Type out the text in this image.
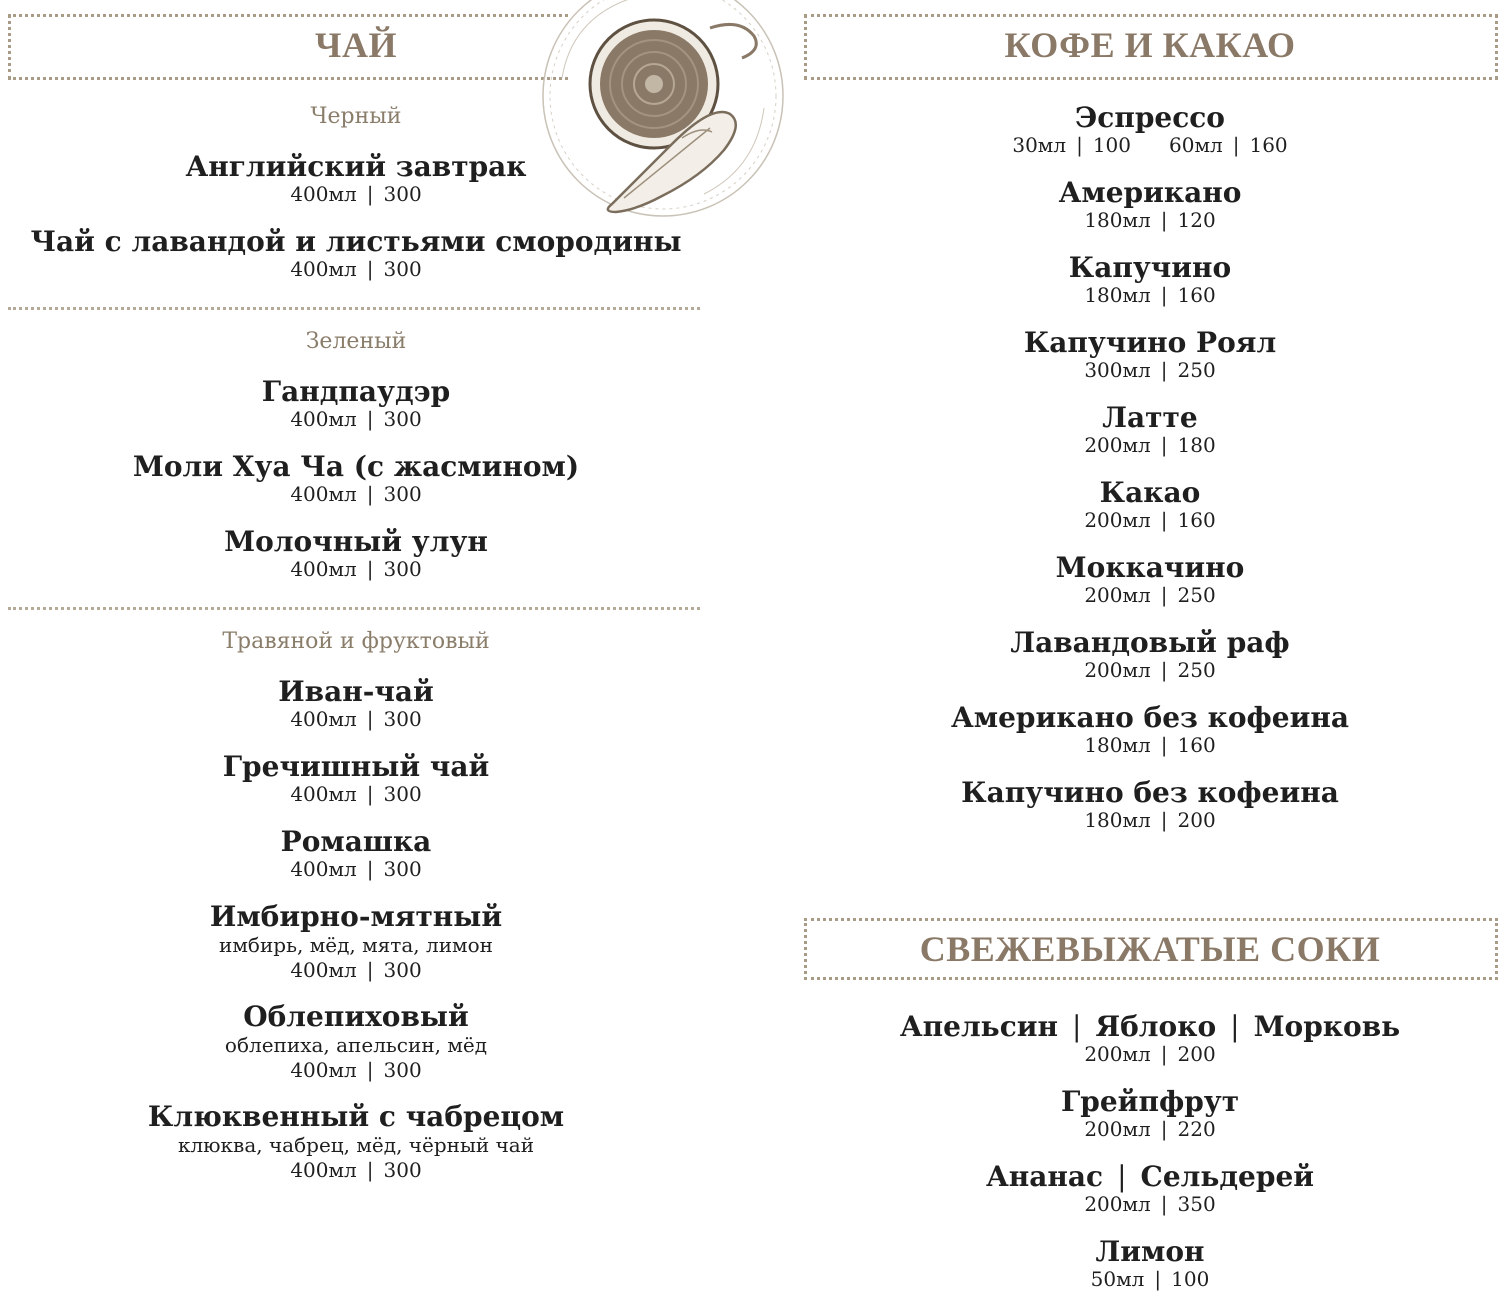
ЧАЙ
Черный
Английский завтрак
400мл | 300
Чай с лавандой и листьями смородины
400мл | 300
Зеленый
Гандпаудэр
400мл | 300
Моли Хуа Ча (с жасмином)
400мл | 300
Молочный улун
400мл | 300
Травяной и фруктовый
Иван-чай
400мл | 300
Гречишный чай
400мл | 300
Ромашка
400мл | 300
Имбирно-мятный
имбирь, мёд, мята, лимон
400мл | 300
Облепиховый
облепиха, апельсин, мёд
400мл | 300
Клюквенный с чабрецом
клюква, чабрец, мёд, чёрный чай
400мл | 300
КОФЕ И КАКАО
Эспрессо
30мл | 100 60мл | 160
Американо
180мл | 120
Капучино
180мл | 160
Капучино Роял
300мл | 250
Латте
200мл | 180
Какао
200мл | 160
Моккачино
200мл | 250
Лавандовый раф
200мл | 250
Американо без кофеина
180мл | 160
Капучино без кофеина
180мл | 200
СВЕЖЕВЫЖАТЫЕ СОКИ
Апельсин | Яблоко | Морковь
200мл | 200
Грейпфрут
200мл | 220
Ананас | Сельдерей
200мл | 350
Лимон
50мл | 100
